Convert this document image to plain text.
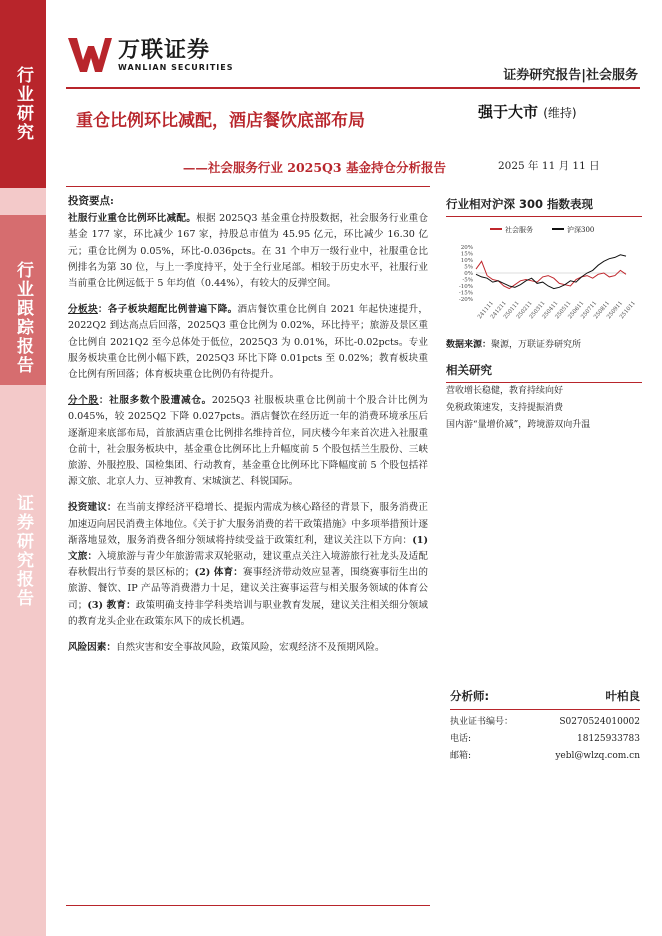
行业研究
行业跟踪报告
证券研究报告
万联证券
WANLIAN SECURITIES
证券研究报告|社会服务
重仓比例环比减配，酒店餐饮底部布局	强于大市 (维持)
——社会服务行业 2025Q3 基金持仓分析报告	2025 年 11 月 11 日

投资要点:

社服行业重仓比例环比减配。根据 2025Q3 基金重仓持股数据，社会服务行业重仓基金 177 家，环比减少 167 家，持股总市值为 45.95 亿元，环比减少 16.30 亿元；重仓比例为 0.05%，环比-0.036pcts。在 31 个申万一级行业中，社服重仓比例排名为第 30 位，与上一季度持平，处于全行业尾部。相较于历史水平，社服行业当前重仓比例远低于 5 年均值（0.44%），有较大的反弹空间。

分板块：各子板块超配比例普遍下降。酒店餐饮重仓比例自 2021 年起快速提升，2022Q2 到达高点后回落，2025Q3 重仓比例为 0.02%，环比持平；旅游及景区重仓比例自 2021Q2 至今总体处于低位，2025Q3 为 0.01%，环比-0.02pcts。专业服务板块重仓比例小幅下跌，2025Q3 环比下降 0.01pcts 至 0.02%；教育板块重仓比例有所回落；体育板块重仓比例仍有待提升。

分个股：社服多数个股遭减仓。2025Q3 社服板块重仓比例前十个股合计比例为 0.045%，较 2025Q2 下降 0.027pcts。酒店餐饮在经历近一年的消费环境承压后逐渐迎来底部布局，首旅酒店重仓比例排名维持首位，同庆楼今年来首次进入社服重仓前十，社会服务板块中，基金重仓比例环比上升幅度前 5 个股包括兰生股份、三峡旅游、外服控股、国检集团、行动教育，基金重仓比例环比下降幅度前 5 个股包括祥源文旅、北京人力、豆神教育、宋城演艺、科锐国际。

投资建议：在当前支撑经济平稳增长、提振内需成为核心路径的背景下，服务消费正加速迈向居民消费主体地位。《关于扩大服务消费的若干政策措施》中多项举措预计逐渐落地显效，服务消费各细分领域将持续受益于政策红利，建议关注以下方向：(1) 文旅：入境旅游与青少年旅游需求双轮驱动，建议重点关注入境游旅行社龙头及适配春秋假出行节奏的景区标的；(2) 体育：赛事经济带动效应显著，围绕赛事衍生出的旅游、餐饮、IP 产品等消费潜力十足，建议关注赛事运营与相关服务领域的体育公司；(3) 教育：政策明确支持非学科类培训与职业教育发展，建议关注相关细分领域的教育龙头企业在政策东风下的成长机遇。

风险因素：自然灾害和安全事故风险，政策风险，宏观经济不及预期风险。

行业相对沪深 300 指数表现
社会服务	沪深300
20%
15%
10%
5%
0%
-5%
-10%
-15%
-20%
241111
241211
250111
250211
250311
250411
250511
250611
250711
250811
250911
251011
数据来源：聚源，万联证券研究所
相关研究
营收增长稳健，教育持续向好
免税政策速发，支持提振消费
国内游“量增价减”，跨境游双向升温
分析师:	叶柏良
执业证书编号：	S0270524010002
电话:	18125933783
邮箱:	yebl@wlzq.com.cn
